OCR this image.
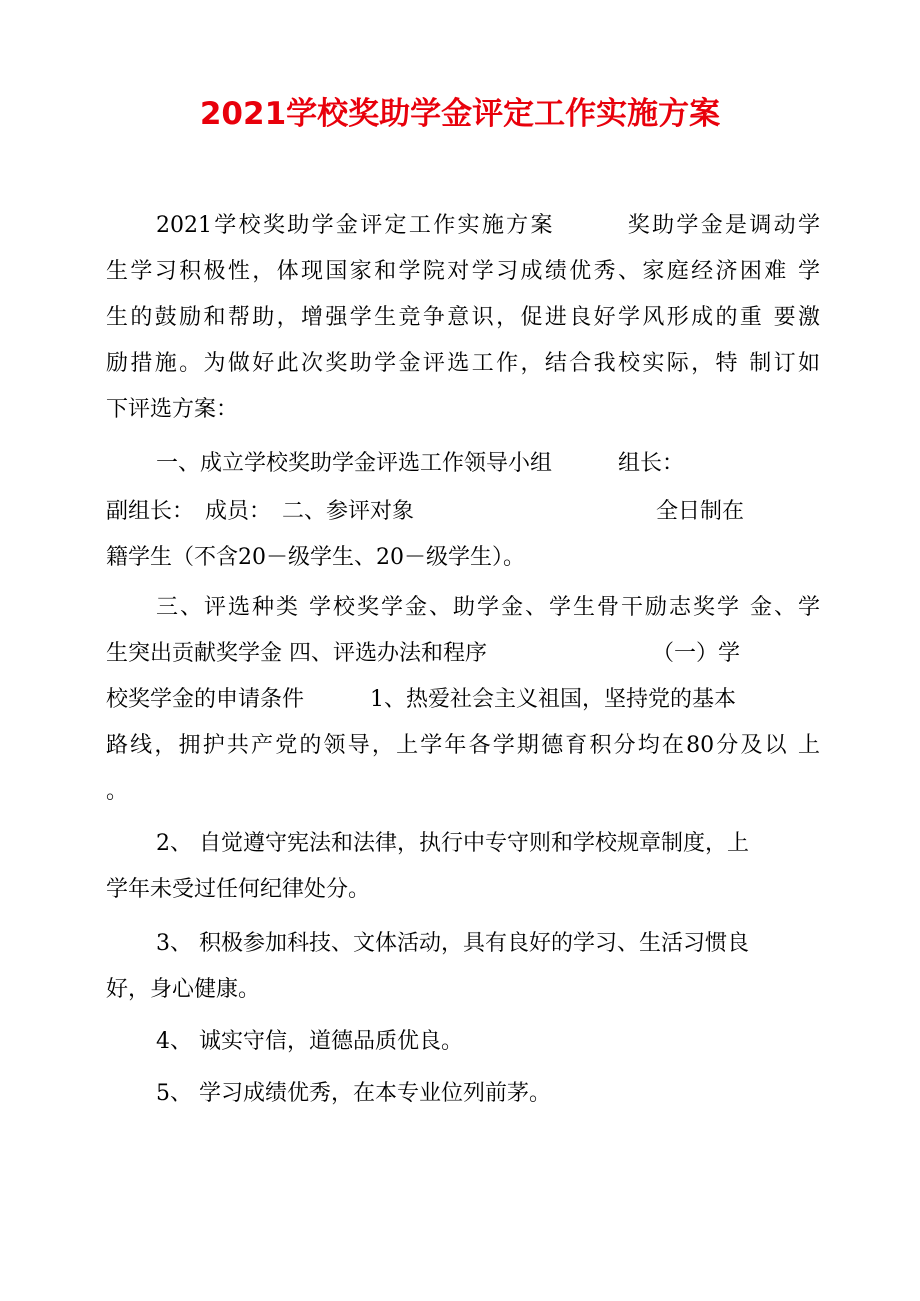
2021学校奖助学金评定工作实施方案

2021学校奖助学金评定工作实施方案　　　奖助学金是调动学

生学习积极性，体现国家和学院对学习成绩优秀、家庭经济困难 学

生的鼓励和帮助，增强学生竞争意识，促进良好学风形成的重 要激

励措施。为做好此次奖助学金评选工作，结合我校实际，特 制订如

下评选方案：

一、成立学校奖助学金评选工作领导小组　　　组长：

副组长：　成员：　二、参评对象　　　　　　　　　　　全日制在

籍学生（不含20－级学生、20－级学生）。

三、评选种类 学校奖学金、助学金、学生骨干励志奖学 金、学

生突出贡献奖学金 四、评选办法和程序　　　　　　　　（一）学

校奖学金的申请条件　　　1、热爱社会主义祖国，坚持党的基本

路线，拥护共产党的领导，上学年各学期德育积分均在80分及以 上

。

2、 自觉遵守宪法和法律，执行中专守则和学校规章制度，上

学年未受过任何纪律处分。

3、 积极参加科技、文体活动，具有良好的学习、生活习惯良

好，身心健康。

4、 诚实守信，道德品质优良。

5、 学习成绩优秀，在本专业位列前茅。
